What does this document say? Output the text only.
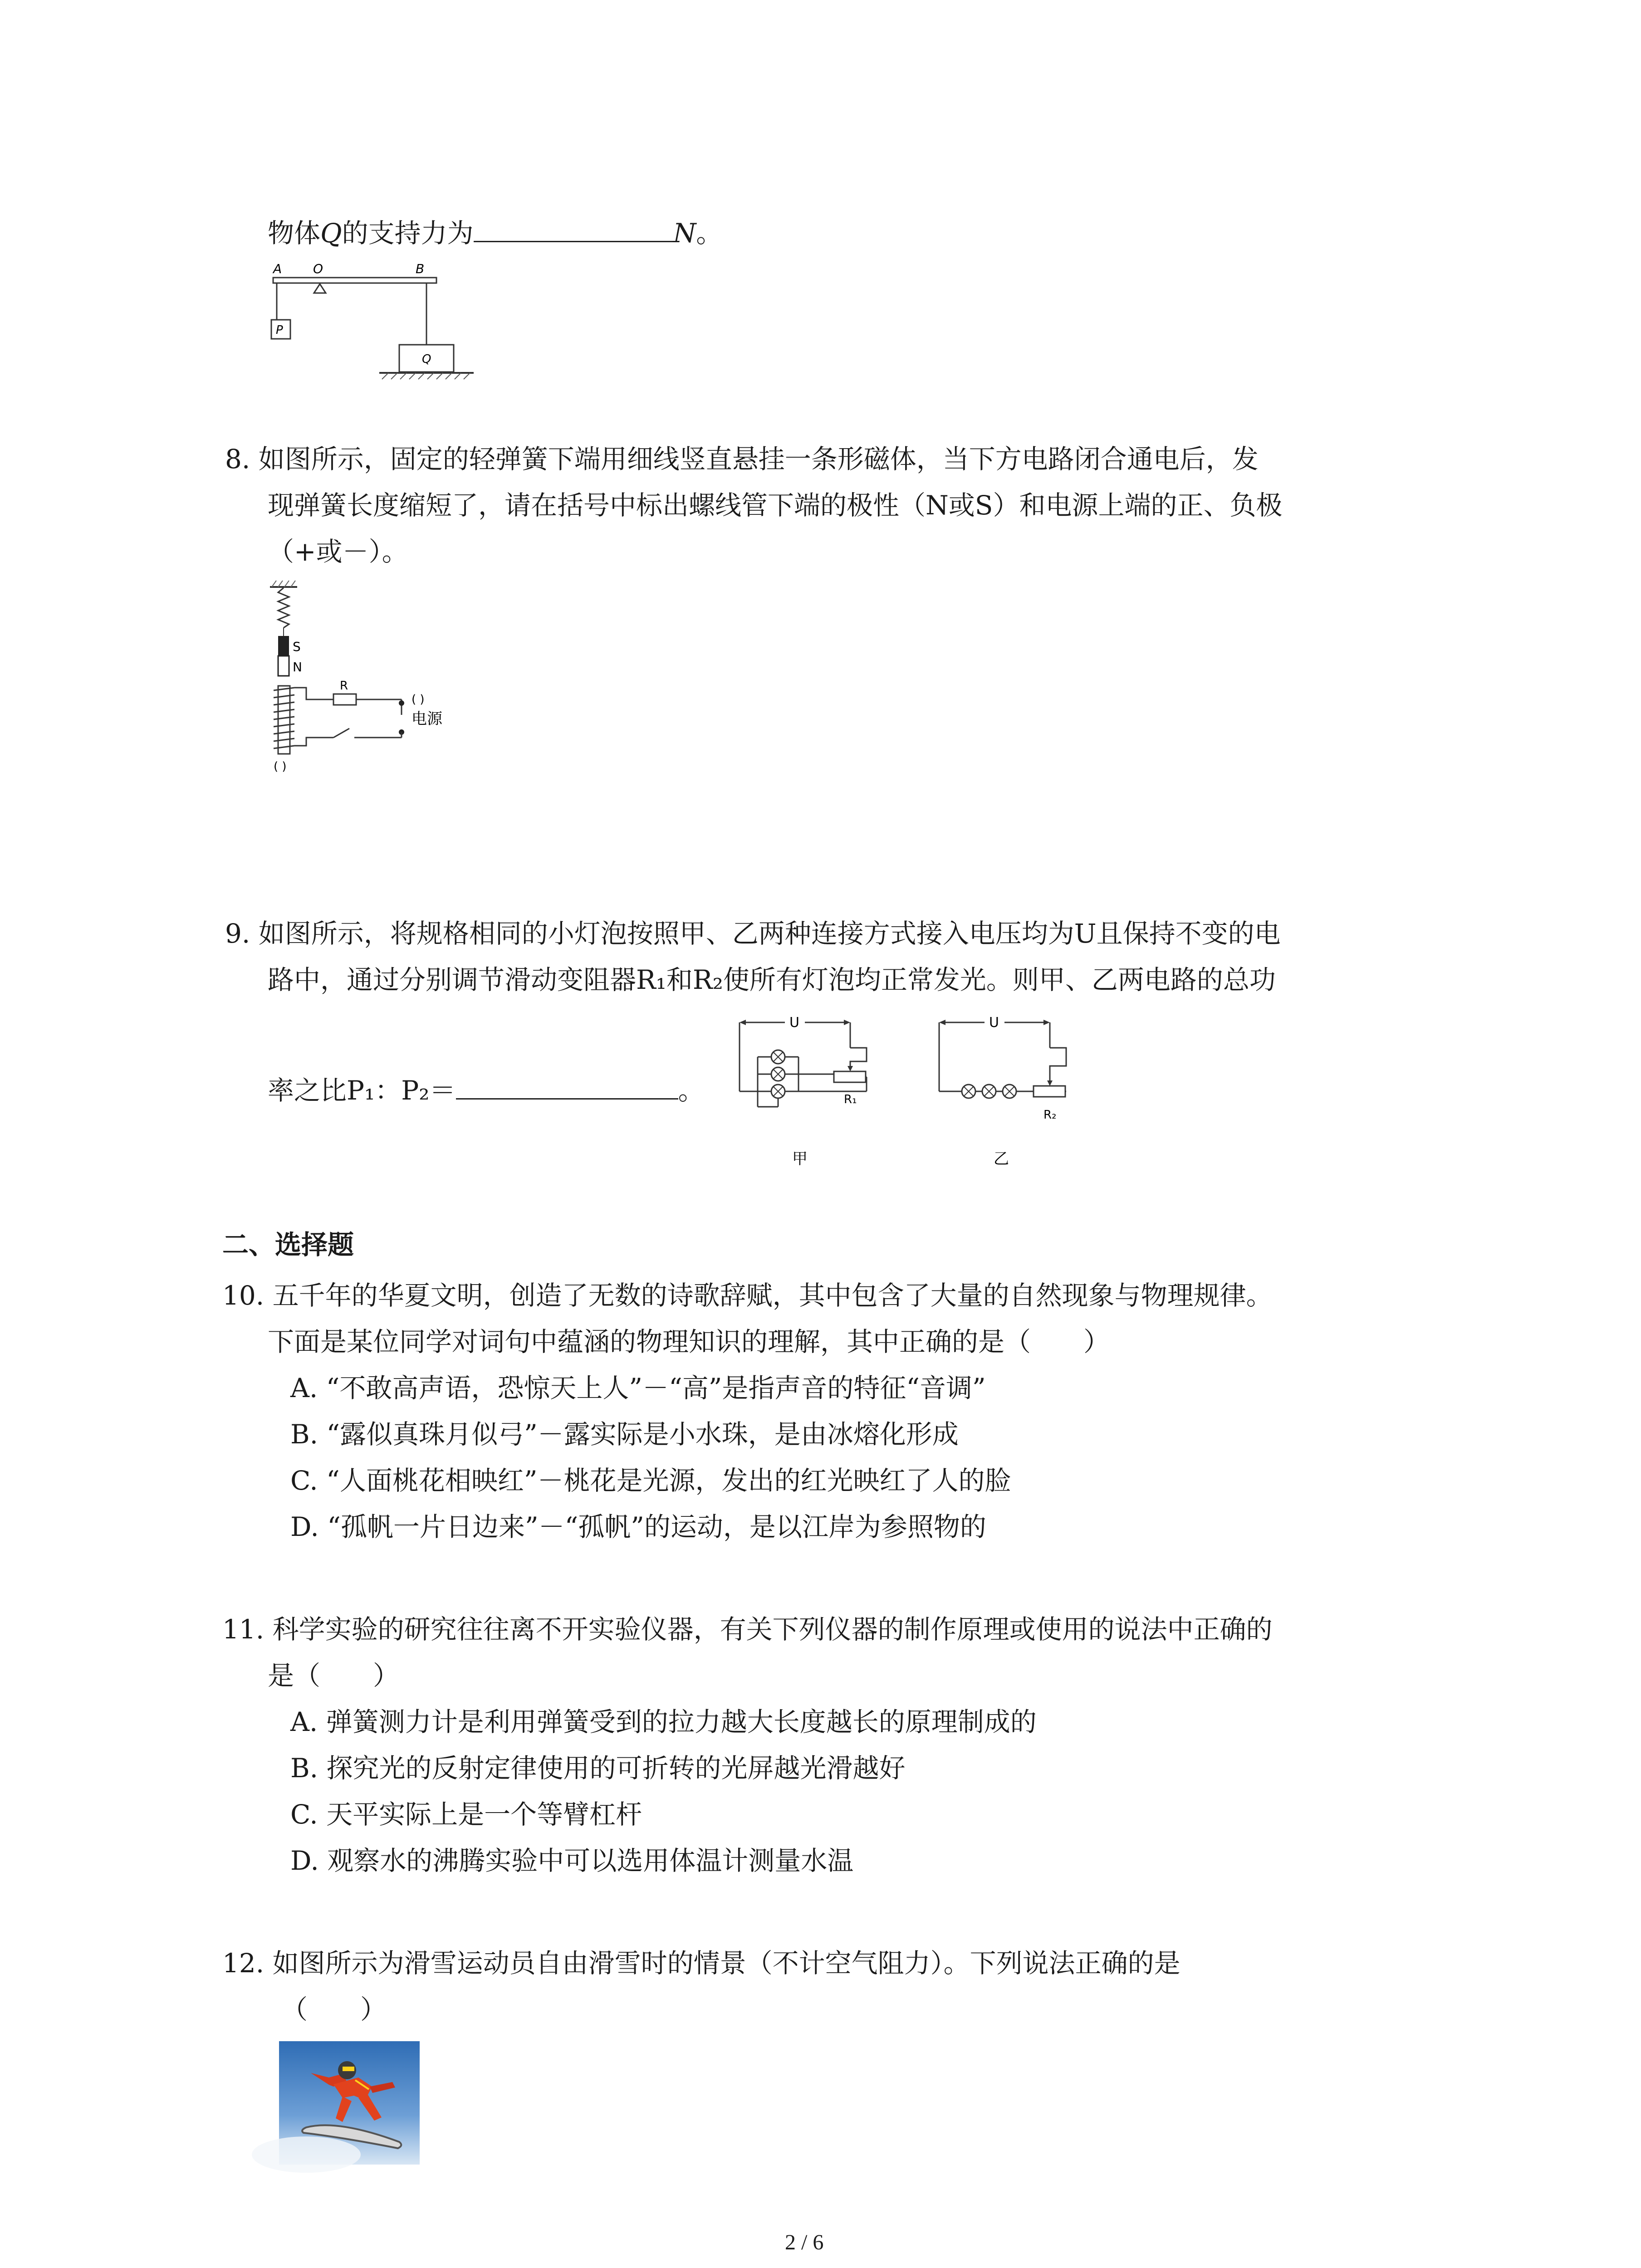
物体Q的支持力为	N。
A O	B
P
Q
8. 如图所示，固定的轻弹簧下端用细线竖直悬挂一条形磁体，当下方电路闭合通电后，发
现弹簧长度缩短了，请在括号中标出螺线管下端的极性（N或S）和电源上端的正、负极
（+或－）。
S
N
R
( )
电源
( )
9. 如图所示，将规格相同的小灯泡按照甲、乙两种连接方式接入电压均为U且保持不变的电
路中，通过分别调节滑动变阻器R₁和R₂使所有灯泡均正常发光。则甲、乙两电路的总功
率之比P₁：P₂＝	。
U
R₁
甲
U
R₂
乙
二、选择题
10. 五千年的华夏文明，创造了无数的诗歌辞赋，其中包含了大量的自然现象与物理规律。
下面是某位同学对词句中蕴涵的物理知识的理解，其中正确的是（　　）
A. “不敢高声语，恐惊天上人”－“高”是指声音的特征“音调”
B. “露似真珠月似弓”－露实际是小水珠，是由冰熔化形成
C. “人面桃花相映红”－桃花是光源，发出的红光映红了人的脸
D. “孤帆一片日边来”－“孤帆”的运动，是以江岸为参照物的
11. 科学实验的研究往往离不开实验仪器，有关下列仪器的制作原理或使用的说法中正确的
是（　　）
A. 弹簧测力计是利用弹簧受到的拉力越大长度越长的原理制成的
B. 探究光的反射定律使用的可折转的光屏越光滑越好
C. 天平实际上是一个等臂杠杆
D. 观察水的沸腾实验中可以选用体温计测量水温
12. 如图所示为滑雪运动员自由滑雪时的情景（不计空气阻力）。下列说法正确的是
（　　）
2 / 6
